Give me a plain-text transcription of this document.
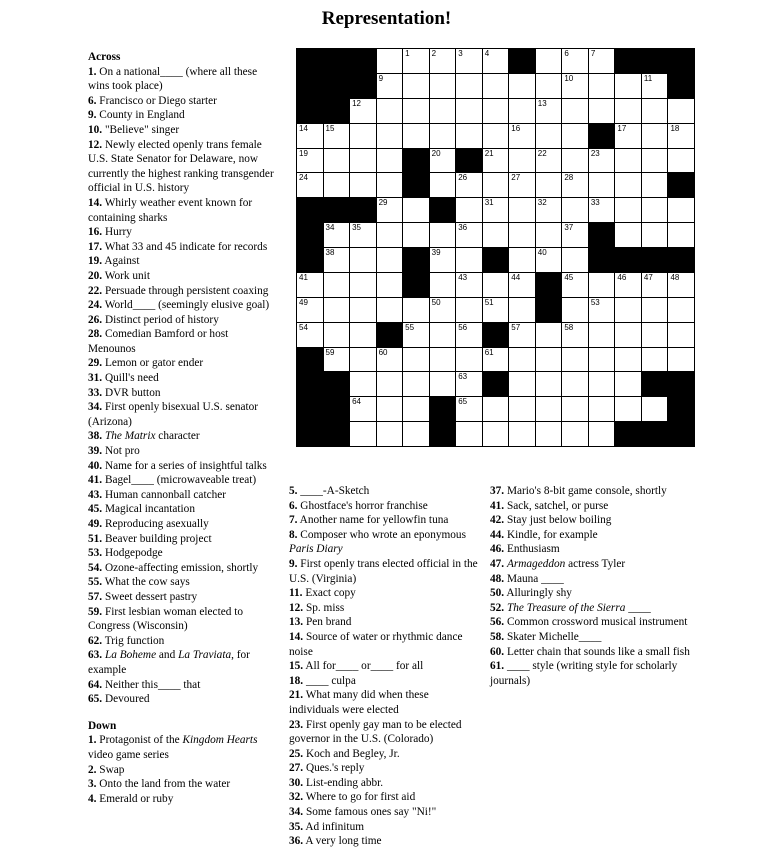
Representation!
1	2	3	4	6	7
9	10	11
12	13
14 15	16	17	18
19	20	21	22	23
24	26	27	28
29	31	32	33
34 35	36	37
38	39	40
41	43	44	45	46 47 48
49	50	51	53
54	55	56	57	58
59	60	61
63
64	65
Across
1. On a national____ (where all these wins took place)
6. Francisco or Diego starter
9. County in England
10. "Believe" singer
12. Newly elected openly trans female U.S. State Senator for Delaware, now currently the highest ranking transgender official in U.S. history
14. Whirly weather event known for containing sharks
16. Hurry
17. What 33 and 45 indicate for records
19. Against
20. Work unit
22. Persuade through persistent coaxing
24. World____ (seemingly elusive goal)
26. Distinct period of history
28. Comedian Bamford or host Menounos
29. Lemon or gator ender
31. Quill's need
33. DVR button
34. First openly bisexual U.S. senator (Arizona)
38. The Matrix character
39. Not pro
40. Name for a series of insightful talks
41. Bagel____ (microwaveable treat)
43. Human cannonball catcher
45. Magical incantation
49. Reproducing asexually
51. Beaver building project
53. Hodgepodge
54. Ozone-affecting emission, shortly
55. What the cow says
57. Sweet dessert pastry
59. First lesbian woman elected to Congress (Wisconsin)
62. Trig function
63. La Boheme and La Traviata, for example
64. Neither this____ that
65. Devoured
Down
1. Protagonist of the Kingdom Hearts video game series
2. Swap
3. Onto the land from the water
4. Emerald or ruby
5. ____-A-Sketch
6. Ghostface's horror franchise
7. Another name for yellowfin tuna
8. Composer who wrote an eponymous Paris Diary
9. First openly trans elected official in the U.S. (Virginia)
11. Exact copy
12. Sp. miss
13. Pen brand
14. Source of water or rhythmic dance noise
15. All for____ or____ for all
18. ____ culpa
21. What many did when these individuals were elected
23. First openly gay man to be elected governor in the U.S. (Colorado)
25. Koch and Begley, Jr.
27. Ques.'s reply
30. List-ending abbr.
32. Where to go for first aid
34. Some famous ones say "Ni!"
35. Ad infinitum
36. A very long time
37. Mario's 8-bit game console, shortly
41. Sack, satchel, or purse
42. Stay just below boiling
44. Kindle, for example
46. Enthusiasm
47. Armageddon actress Tyler
48. Mauna ____
50. Alluringly shy
52. The Treasure of the Sierra ____
56. Common crossword musical instrument
58. Skater Michelle____
60. Letter chain that sounds like a small fish
61. ____ style (writing style for scholarly journals)
